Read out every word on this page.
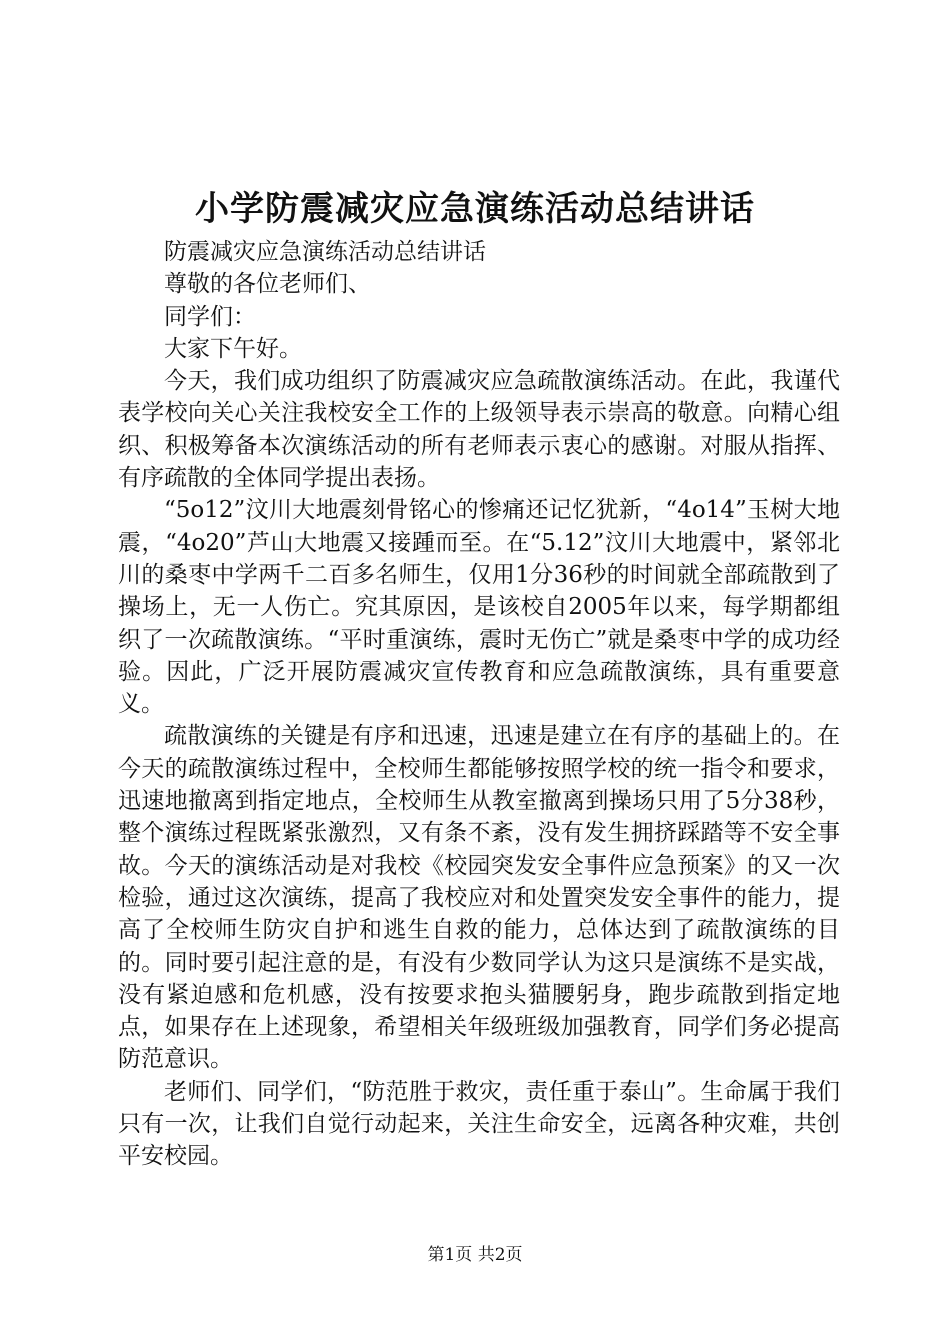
小学防震减灾应急演练活动总结讲话

防震减灾应急演练活动总结讲话

尊敬的各位老师们、

同学们：

大家下午好。

今天，我们成功组织了防震减灾应急疏散演练活动。在此，我谨代表学校向关心关注我校安全工作的上级领导表示崇高的敬意。向精心组织、积极筹备本次演练活动的所有老师表示衷心的感谢。对服从指挥、有序疏散的全体同学提出表扬。

“5o12”汶川大地震刻骨铭心的惨痛还记忆犹新，“4o14”玉树大地震，“4o20”芦山大地震又接踵而至。在“5.12”汶川大地震中，紧邻北川的桑枣中学两千二百多名师生，仅用1分36秒的时间就全部疏散到了操场上，无一人伤亡。究其原因，是该校自2005年以来，每学期都组织了一次疏散演练。“平时重演练，震时无伤亡”就是桑枣中学的成功经验。因此，广泛开展防震减灾宣传教育和应急疏散演练，具有重要意义。

疏散演练的关键是有序和迅速，迅速是建立在有序的基础上的。在今天的疏散演练过程中，全校师生都能够按照学校的统一指令和要求，迅速地撤离到指定地点，全校师生从教室撤离到操场只用了5分38秒，整个演练过程既紧张激烈，又有条不紊，没有发生拥挤踩踏等不安全事故。今天的演练活动是对我校《校园突发安全事件应急预案》的又一次检验，通过这次演练，提高了我校应对和处置突发安全事件的能力，提高了全校师生防灾自护和逃生自救的能力，总体达到了疏散演练的目的。同时要引起注意的是，有没有少数同学认为这只是演练不是实战，没有紧迫感和危机感，没有按要求抱头猫腰躬身，跑步疏散到指定地点，如果存在上述现象，希望相关年级班级加强教育，同学们务必提高防范意识。

老师们、同学们，“防范胜于救灾，责任重于泰山”。生命属于我们只有一次，让我们自觉行动起来，关注生命安全，远离各种灾难，共创平安校园。

第1页 共2页
